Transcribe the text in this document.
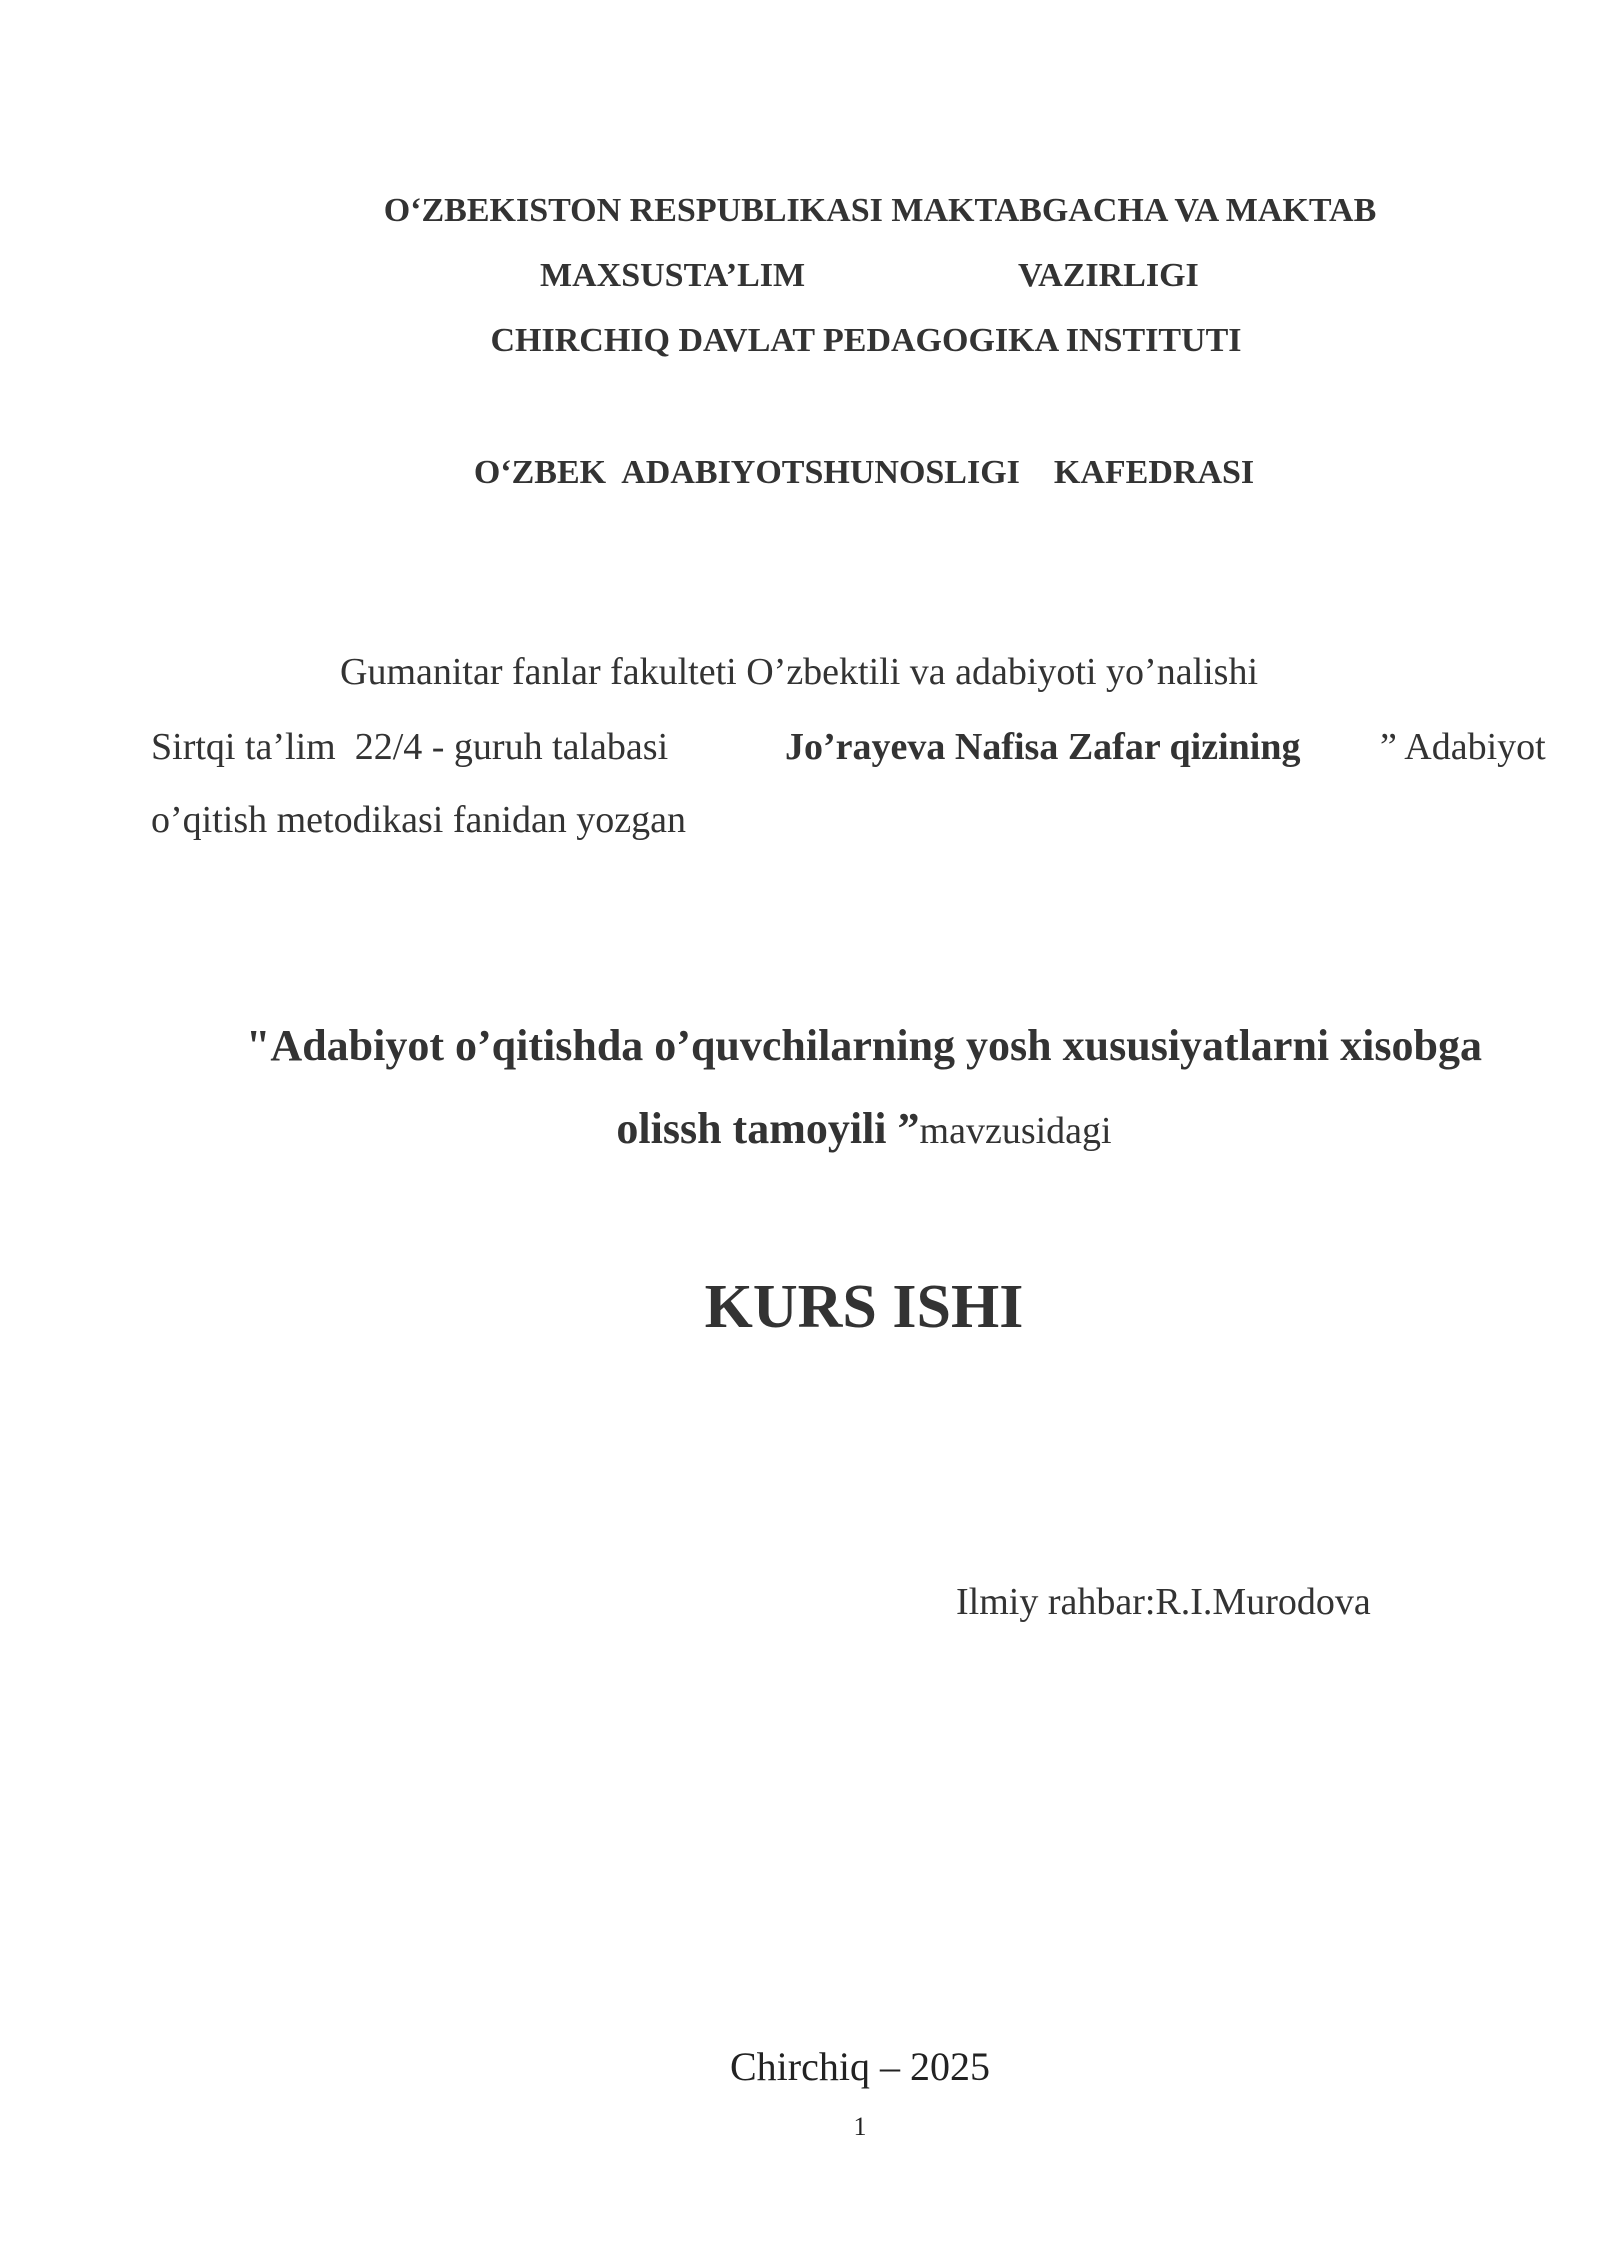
O‘ZBEKISTON RESPUBLIKASI MAKTABGACHA VA MAKTAB
MAXSUSTA’LIM	VAZIRLIGI
CHIRCHIQ DAVLAT PEDAGOGIKA INSTITUTI
O‘ZBEK  ADABIYOTSHUNOSLIGI    KAFEDRASI
Gumanitar fanlar fakulteti O’zbektili va adabiyoti yo’nalishi
Sirtqi ta’lim  22/4 - guruh talabasi	Jo’rayeva Nafisa Zafar qizining ” Adabiyot
o’qitish metodikasi fanidan yozgan
"Adabiyot o’qitishda o’quvchilarning yosh xususiyatlarni xisobga
olissh tamoyili ”mavzusidagi
KURS ISHI
Ilmiy rahbar:R.I.Murodova
Chirchiq – 2025
1
